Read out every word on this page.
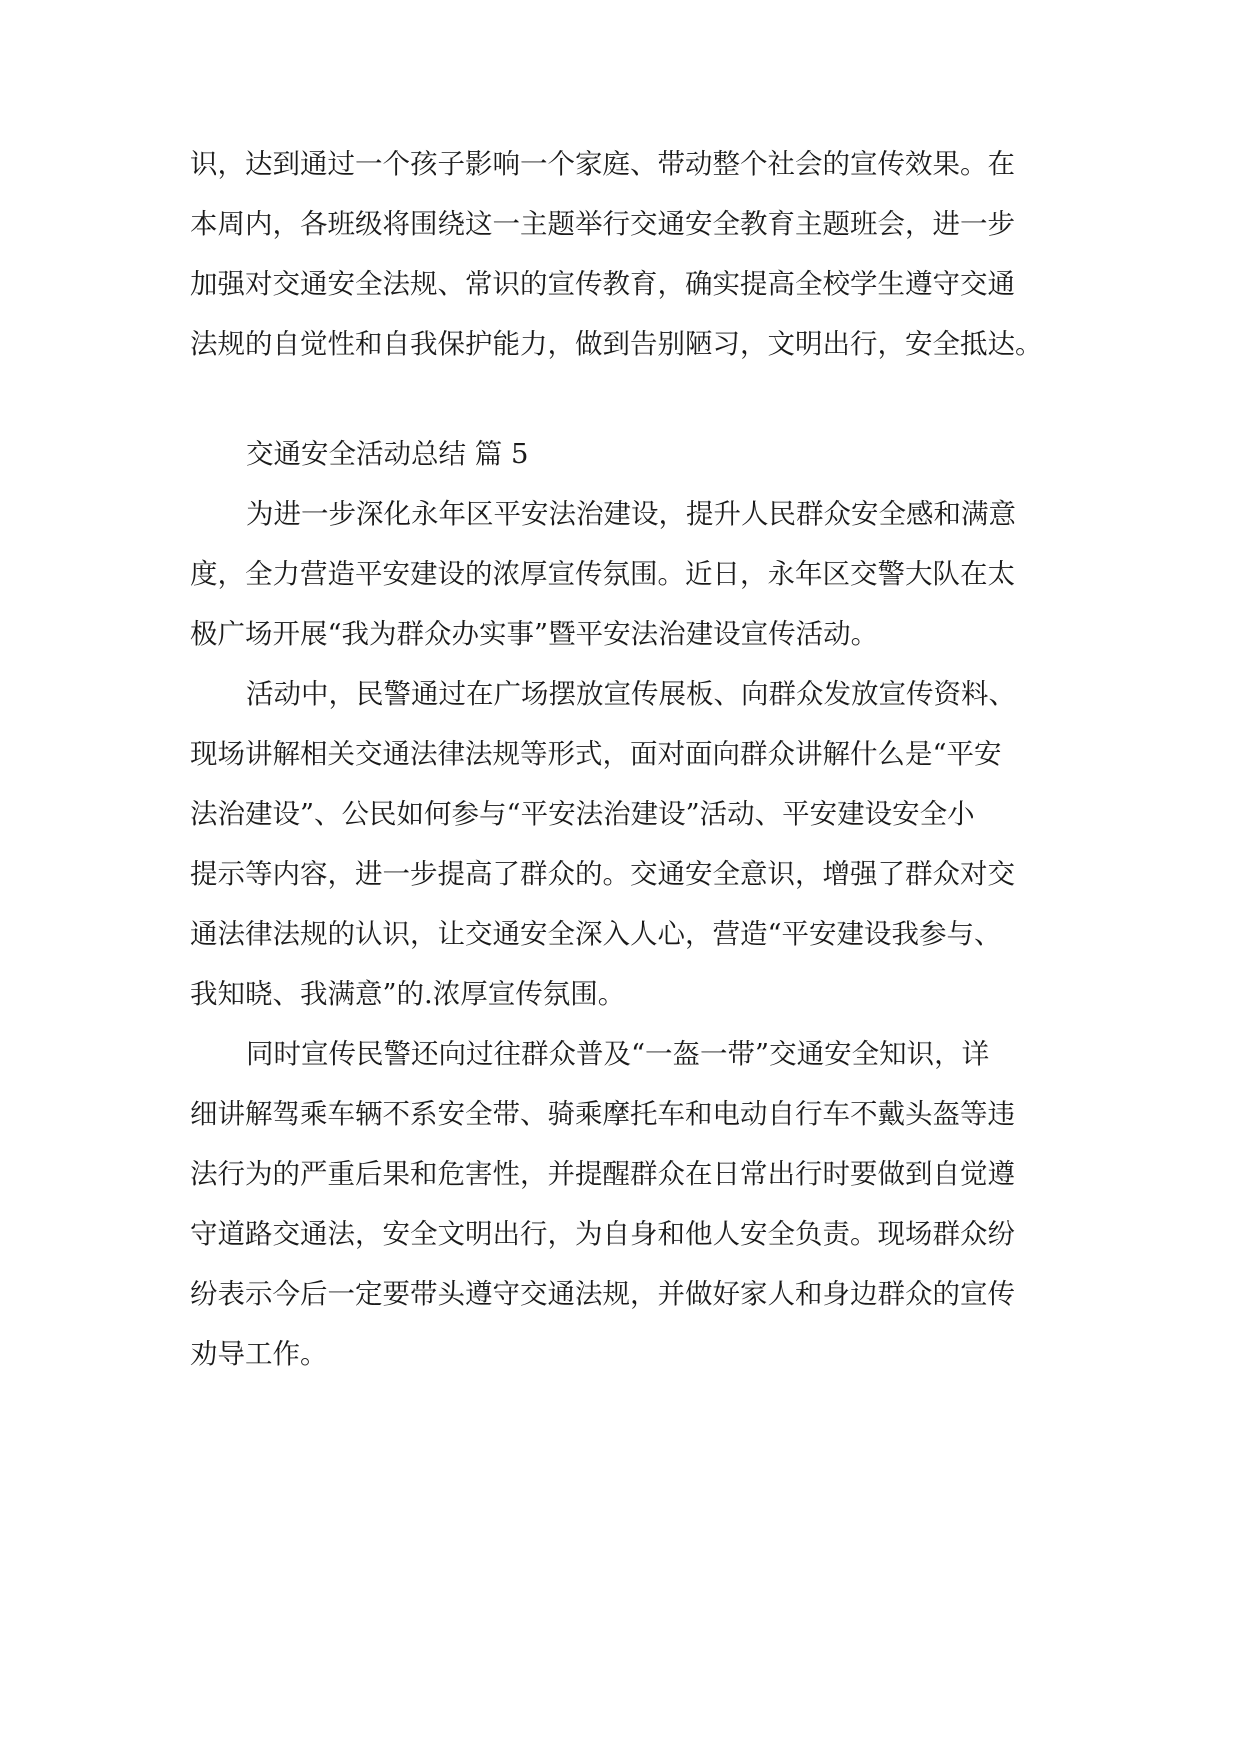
识，达到通过一个孩子影响一个家庭、带动整个社会的宣传效果。在
本周内，各班级将围绕这一主题举行交通安全教育主题班会，进一步
加强对交通安全法规、常识的宣传教育，确实提高全校学生遵守交通
法规的自觉性和自我保护能力，做到告别陋习，文明出行，安全抵达。
交通安全活动总结 篇 5
为进一步深化永年区平安法治建设，提升人民群众安全感和满意
度，全力营造平安建设的浓厚宣传氛围。近日，永年区交警大队在太
极广场开展“我为群众办实事”暨平安法治建设宣传活动。
活动中，民警通过在广场摆放宣传展板、向群众发放宣传资料、
现场讲解相关交通法律法规等形式，面对面向群众讲解什么是“平安
法治建设”、公民如何参与“平安法治建设”活动、平安建设安全小
提示等内容，进一步提高了群众的。交通安全意识，增强了群众对交
通法律法规的认识，让交通安全深入人心，营造“平安建设我参与、
我知晓、我满意”的.浓厚宣传氛围。
同时宣传民警还向过往群众普及“一盔一带”交通安全知识，详
细讲解驾乘车辆不系安全带、骑乘摩托车和电动自行车不戴头盔等违
法行为的严重后果和危害性，并提醒群众在日常出行时要做到自觉遵
守道路交通法，安全文明出行，为自身和他人安全负责。现场群众纷
纷表示今后一定要带头遵守交通法规，并做好家人和身边群众的宣传
劝导工作。
